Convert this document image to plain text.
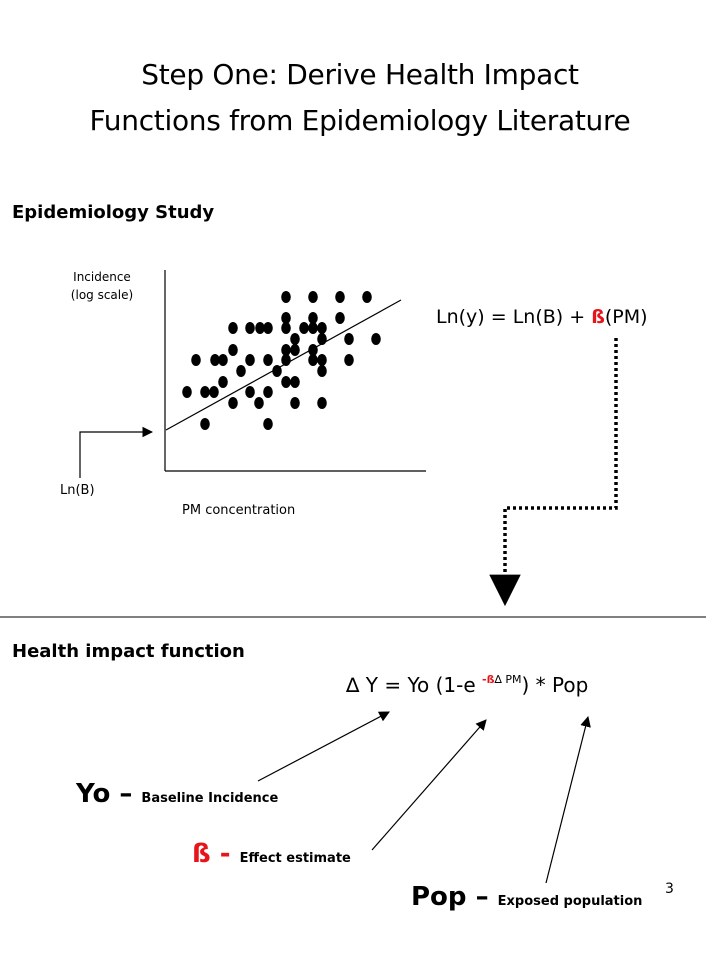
Step One: Derive Health Impact
Functions from Epidemiology Literature
Epidemiology Study
Incidence
(log scale)
Ln(B)
PM concentration
Ln(y) = Ln(B) + ß(PM)
Health impact function
∆ Y = Yo (1-e $^{-ß\Delta PM}$) * Pop
Yo – Baseline Incidence
ß - Effect estimate
Pop – Exposed population
3
